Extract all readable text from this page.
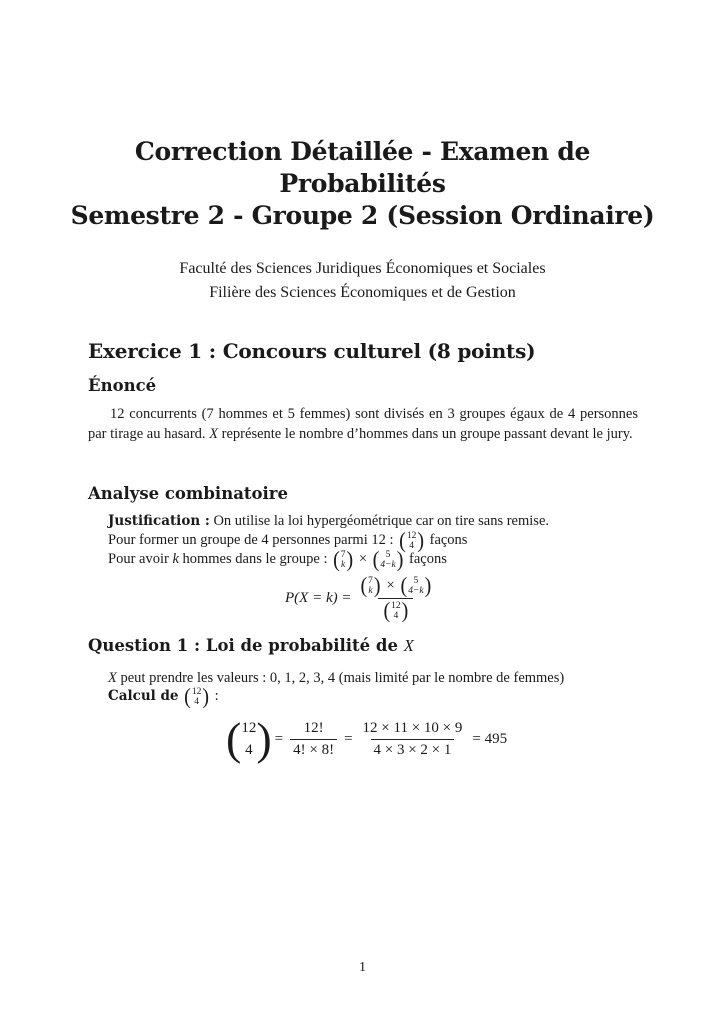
Correction Détaillée - Examen de
Probabilités
Semestre 2 - Groupe 2 (Session Ordinaire)
Faculté des Sciences Juridiques Économiques et Sociales
Filière des Sciences Économiques et de Gestion
Exercice 1 : Concours culturel (8 points)
Énoncé
12 concurrents (7 hommes et 5 femmes) sont divisés en 3 groupes égaux de 4 personnes par tirage au hasard. X représente le nombre d’hommes dans un groupe passant devant le jury.
Analyse combinatoire
Justification : On utilise la loi hypergéométrique car on tire sans remise.
Pour former un groupe de 4 personnes parmi 12 : ( 12
4 ) façons
Pour avoir k hommes dans le groupe : ( 7
k ) × ( 5
4−k ) façons
P(X = k) = ( 7
k ) × ( 5
4−k )
( 12
4 )
Question 1 : Loi de probabilité de X
X peut prendre les valeurs : 0, 1, 2, 3, 4 (mais limité par le nombre de femmes)
Calcul de ( 12
4 ) :
( 12
4 ) = $\frac{12!}{4! \times 8!} = \frac{12 \times 11 \times 10 \times 9}{4 \times 3 \times 2 \times 1} = 495$
1
